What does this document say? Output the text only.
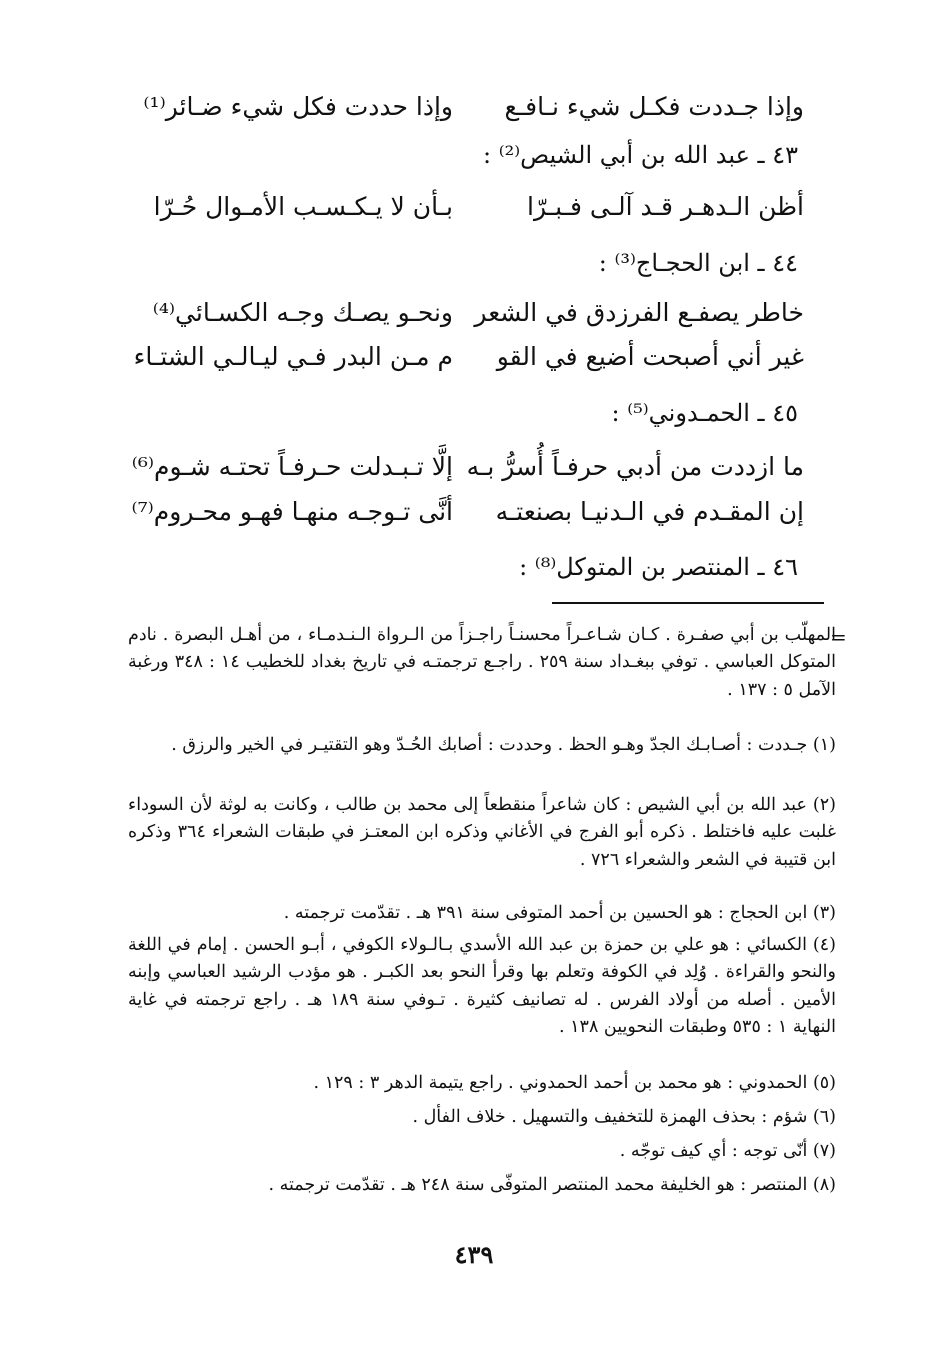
وإذا جـددت فكـل شيء نـافـع
وإذا حددت فكل شيء ضـائر⁽¹⁾
٤٣ ـ عبد الله بن أبي الشيص⁽²⁾ :
أظن الـدهـر قـد آلـى فـبـرّا
بـأن لا يـكـسـب الأمـوال حُـرّا
٤٤ ـ ابن الحجـاج⁽³⁾ :
خاطر يصفـع الفرزدق في الشعر
ونحـو يصـك وجـه الكسـائي⁽⁴⁾
غير أني أصبحت أضيع في القو
م مـن البدر فـي ليـالـي الشتـاء
٤٥ ـ الحمـدوني⁽⁵⁾ :
ما ازددت من أدبي حرفـاً أُسرُّ بـه
إلَّا تـبـدلت حـرفـاً تحتـه شـوم⁽⁶⁾
إن المقـدم في الـدنيـا بصنعتـه
أنَّى تـوجـه منهـا فهـو محـروم⁽⁷⁾
٤٦ ـ المنتصر بن المتوكل⁽⁸⁾ :
=
المهلّب بن أبي صفـرة . كـان شـاعـراً محسنـاً راجـزاً من الـرواة الـنـدمـاء ، من أهـل البصرة . نادم المتوكل العباسي . توفي ببغـداد سنة ٢٥٩ . راجـع ترجمتـه في تاريخ بغداد للخطيب ١٤ : ٣٤٨ ورغبة الآمل ٥ : ١٣٧ .
(١) جـددت : أصـابـك الجدّ وهـو الحظ . وحددت : أصابك الحُـدّ وهو التقتيـر في الخير والرزق .
(٢) عبد الله بن أبي الشيص : كان شاعراً منقطعاً إلى محمد بن طالب ، وكانت به لوثة لأن السوداء غلبت عليه فاختلط . ذكره أبو الفرج في الأغاني وذكره ابن المعتـز في طبقات الشعراء ٣٦٤ وذكره ابن قتيبة في الشعر والشعراء ٧٢٦ .
(٣) ابن الحجاج : هو الحسين بن أحمد المتوفى سنة ٣٩١ هـ . تقدّمت ترجمته .
(٤) الكسائي : هو علي بن حمزة بن عبد الله الأسدي بـالـولاء الكوفي ، أبـو الحسن . إمام في اللغة والنحو والقراءة . وُلِد في الكوفة وتعلم بها وقرأ النحو بعد الكبـر . هو مؤدب الرشيد العباسي وإبنه الأمين . أصله من أولاد الفرس . له تصانيف كثيرة . تـوفي سنة ١٨٩ هـ . راجع ترجمته في غاية النهاية ١ : ٥٣٥ وطبقات النحويين ١٣٨ .
(٥) الحمدوني : هو محمد بن أحمد الحمدوني . راجع يتيمة الدهر ٣ : ١٢٩ .
(٦) شؤم : بحذف الهمزة للتخفيف والتسهيل . خلاف الفأل .
(٧) أنّى توجه : أي كيف توجّه .
(٨) المنتصر : هو الخليفة محمد المنتصر المتوفّى سنة ٢٤٨ هـ . تقدّمت ترجمته .
٤٣٩
